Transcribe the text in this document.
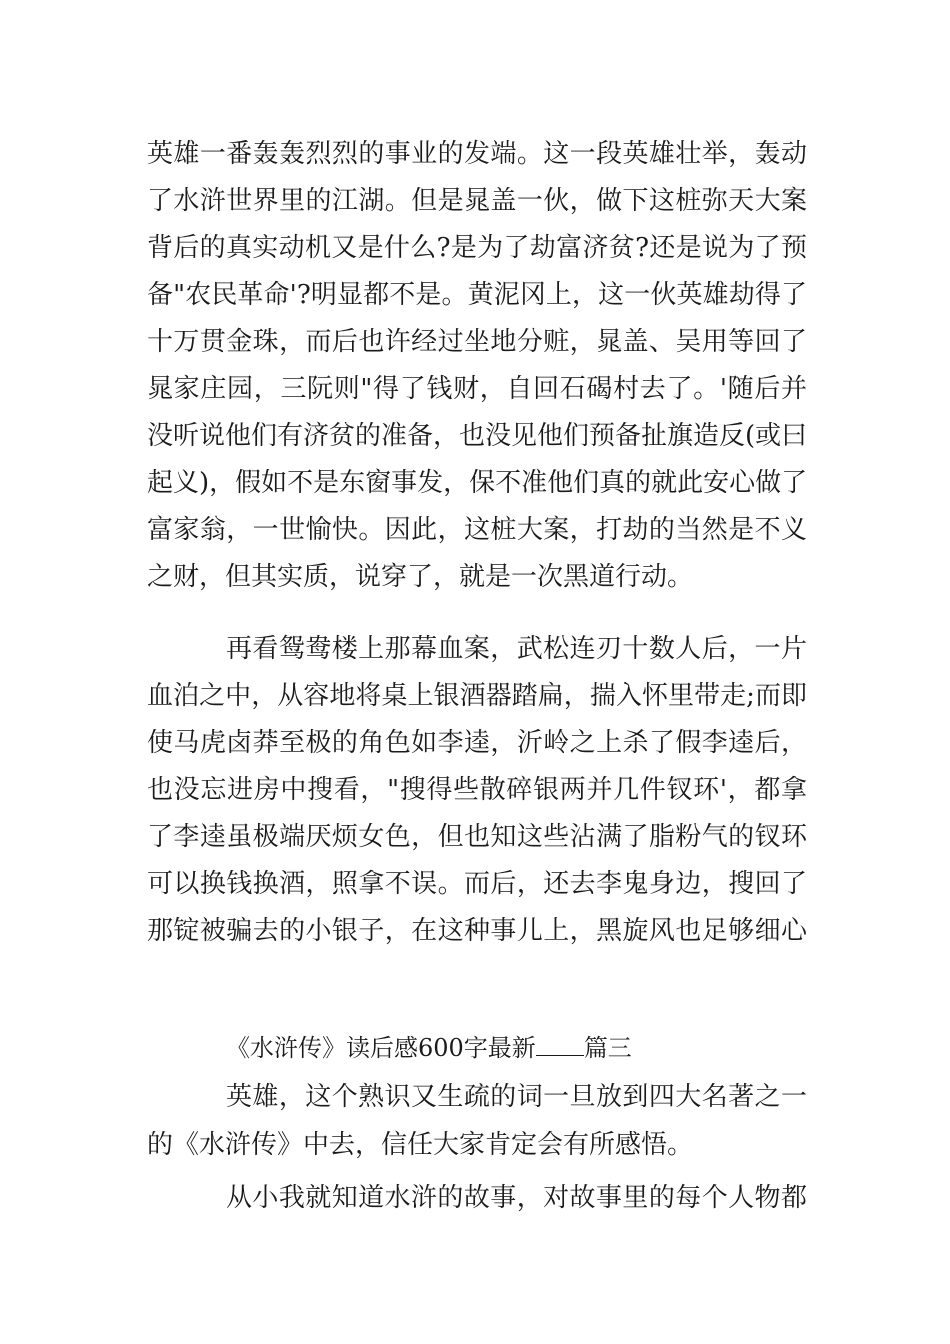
英雄一番轰轰烈烈的事业的发端。这一段英雄壮举，轰动
了水浒世界里的江湖。但是晁盖一伙，做下这桩弥天大案
背后的真实动机又是什么?是为了劫富济贫?还是说为了预
备"农民革命'?明显都不是。黄泥冈上，这一伙英雄劫得了
十万贯金珠，而后也许经过坐地分赃，晁盖、吴用等回了
晁家庄园，三阮则"得了钱财，自回石碣村去了。'随后并
没听说他们有济贫的准备，也没见他们预备扯旗造反(或曰
起义)，假如不是东窗事发，保不准他们真的就此安心做了
富家翁，一世愉快。因此，这桩大案，打劫的当然是不义
之财，但其实质，说穿了，就是一次黑道行动。
再看鸳鸯楼上那幕血案，武松连刃十数人后，一片
血泊之中，从容地将桌上银酒器踏扁，揣入怀里带走;而即
使马虎卤莽至极的角色如李逵，沂岭之上杀了假李逵后，
也没忘进房中搜看，"搜得些散碎银两并几件钗环'，都拿
了李逵虽极端厌烦女色，但也知这些沾满了脂粉气的钗环
可以换钱换酒，照拿不误。而后，还去李鬼身边，搜回了
那锭被骗去的小银子，在这种事儿上，黑旋风也足够细心
《水浒传》读后感600字最新 篇三
英雄，这个熟识又生疏的词一旦放到四大名著之一
的《水浒传》中去，信任大家肯定会有所感悟。
从小我就知道水浒的故事，对故事里的每个人物都
